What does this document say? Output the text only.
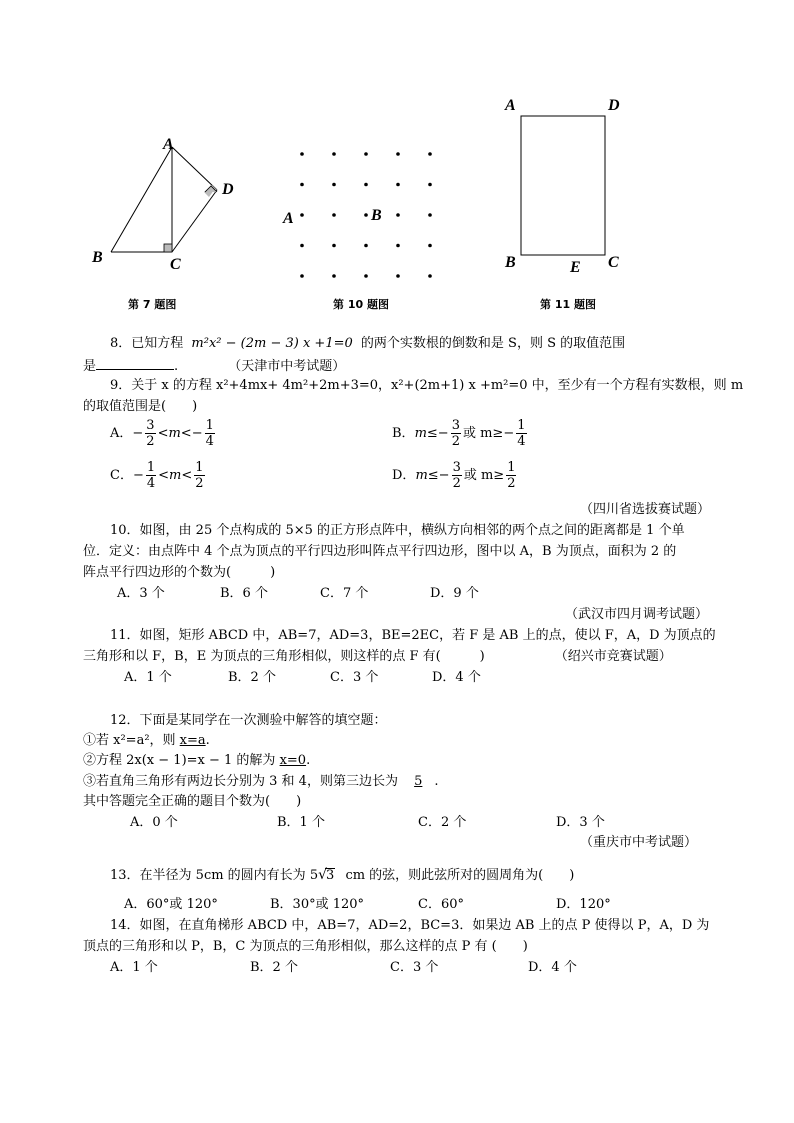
A
D
B	C
第 7 题图
A	B
第 10 题图
A	D
B	E C
第 11 题图
8．已知方程 m²x² − (2m − 3) x +1=0 的两个实数根的倒数和是 S，则 S 的取值范围
是	.	（天津市中考试题）
9．关于 x 的方程 x²+4mx+ 4m²+2m+3=0，x²+(2m+1) x +m²=0 中，至少有一个方程有实数根，则 m
的取值范围是(　　)
A．− $\frac{3}{2} <m<- \frac{1}{4}$	B．$m\le- \frac{3}{2}$ 或 $m\ge- \frac{1}{4}$
C．− $\frac{1}{4} <m< \frac{1}{2}$	D．$m\le- \frac{3}{2}$ 或 $m\ge \frac{1}{2}$
（四川省选拔赛试题）
10．如图，由 25 个点构成的 5×5 的正方形点阵中，横纵方向相邻的两个点之间的距离都是 1 个单
位．定义：由点阵中 4 个点为顶点的平行四边形叫阵点平行四边形，图中以 A，B 为顶点，面积为 2 的
阵点平行四边形的个数为(　　　)
A．3 个	B．6 个	C．7 个	D．9 个
（武汉市四月调考试题）
11．如图，矩形 ABCD 中，AB=7，AD=3，BE=2EC，若 F 是 AB 上的点，使以 F，A，D 为顶点的
三角形和以 F，B，E 为顶点的三角形相似，则这样的点 F 有(　　　)	（绍兴市竞赛试题）
A．1 个	B．2 个	C．3 个	D．4 个
12．下面是某同学在一次测验中解答的填空题：
①若 x²=a²，则 x=a.
②方程 2x(x − 1)=x − 1 的解为 x=0.
③若直角三角形有两边长分别为 3 和 4，则第三边长为 5 .
其中答题完全正确的题目个数为(　　)
A．0 个	B．1 个	C．2 个	D．3 个
（重庆市中考试题）
13．在半径为 5cm 的圆内有长为 5√3 cm 的弦，则此弦所对的圆周角为(　　)
A．60°或 120°	B．30°或 120°	C．60°	D．120°
14．如图，在直角梯形 ABCD 中，AB=7，AD=2，BC=3．如果边 AB 上的点 P 使得以 P，A，D 为
顶点的三角形和以 P，B，C 为顶点的三角形相似，那么这样的点 P 有 (　　)
A．1 个	B．2 个	C．3 个	D．4 个
